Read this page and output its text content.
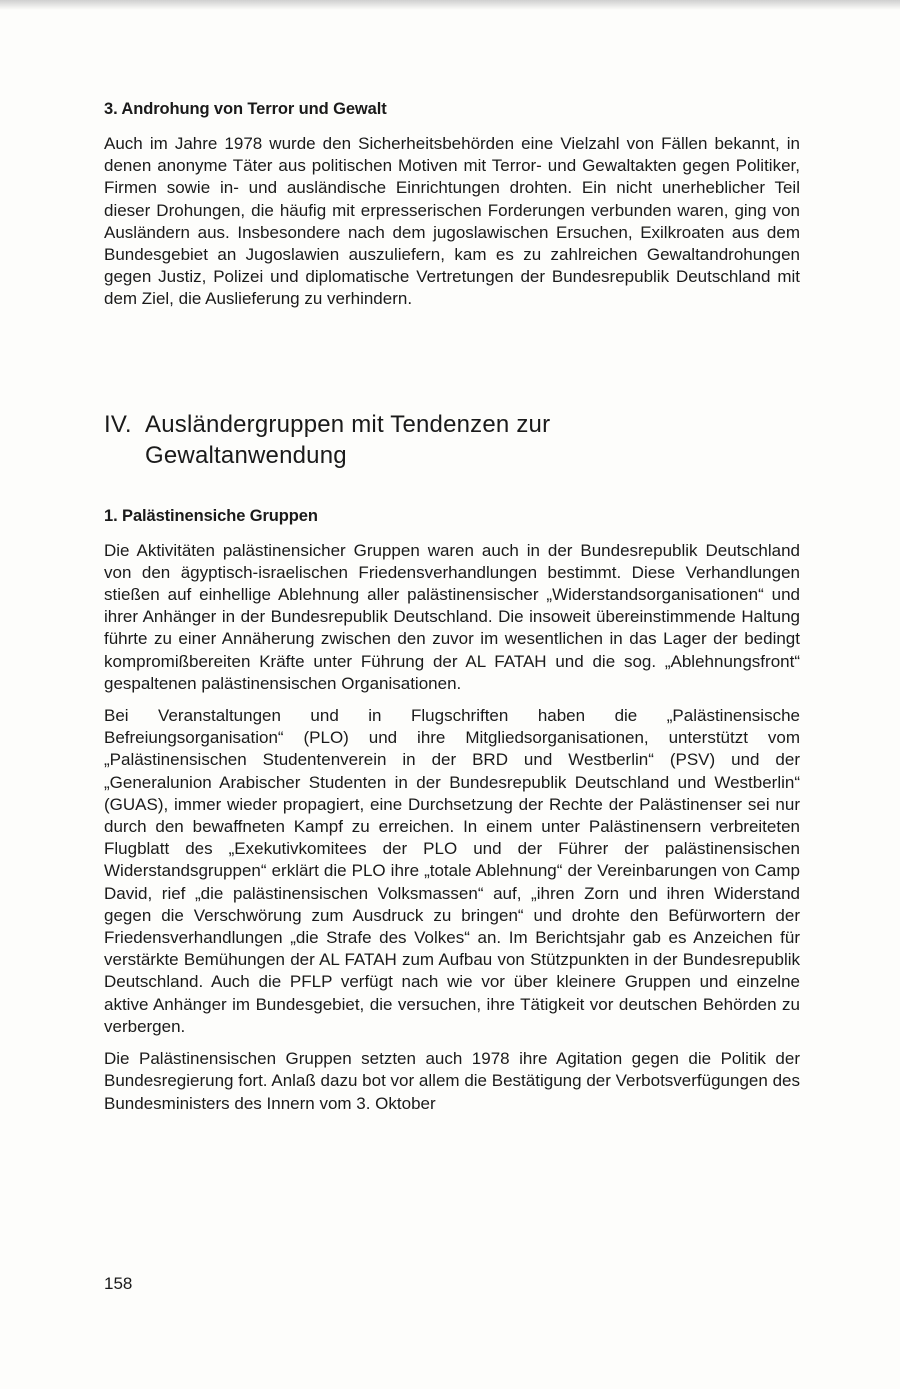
3. Androhung von Terror und Gewalt

Auch im Jahre 1978 wurde den Sicherheitsbehörden eine Vielzahl von Fällen bekannt, in denen anonyme Täter aus politischen Motiven mit Terror- und Gewaltakten gegen Politiker, Firmen sowie in- und ausländische Einrichtungen drohten. Ein nicht unerheblicher Teil dieser Drohungen, die häufig mit erpresserischen Forderungen verbunden waren, ging von Ausländern aus. Insbesondere nach dem jugoslawischen Ersuchen, Exilkroaten aus dem Bundesgebiet an Jugoslawien auszuliefern, kam es zu zahlreichen Gewaltandrohungen gegen Justiz, Polizei und diplomatische Vertretungen der Bundesrepublik Deutschland mit dem Ziel, die Auslieferung zu verhindern.

IV. Ausländergruppen mit Tendenzen zur
Gewaltanwendung
1. Palästinensiche Gruppen

Die Aktivitäten palästinensicher Gruppen waren auch in der Bundesrepublik Deutschland von den ägyptisch-israelischen Friedensverhandlungen bestimmt. Diese Verhandlungen stießen auf einhellige Ablehnung aller palästinensischer „Widerstandsorganisationen“ und ihrer Anhänger in der Bundesrepublik Deutschland. Die insoweit übereinstimmende Haltung führte zu einer Annäherung zwischen den zuvor im wesentlichen in das Lager der bedingt kompromißbereiten Kräfte unter Führung der AL FATAH und die sog. „Ablehnungsfront“ gespaltenen palästinensischen Organisationen.

Bei Veranstaltungen und in Flugschriften haben die „Palästinensische Befreiungsorganisation“ (PLO) und ihre Mitgliedsorganisationen, unterstützt vom „Palästinensischen Studentenverein in der BRD und Westberlin“ (PSV) und der „Generalunion Arabischer Studenten in der Bundesrepublik Deutschland und Westberlin“ (GUAS), immer wieder propagiert, eine Durchsetzung der Rechte der Palästinenser sei nur durch den bewaffneten Kampf zu erreichen. In einem unter Palästinensern verbreiteten Flugblatt des „Exekutivkomitees der PLO und der Führer der palästinensischen Widerstandsgruppen“ erklärt die PLO ihre „totale Ablehnung“ der Vereinbarungen von Camp David, rief „die palästinensischen Volksmassen“ auf, „ihren Zorn und ihren Widerstand gegen die Verschwörung zum Ausdruck zu bringen“ und drohte den Befürwortern der Friedensverhandlungen „die Strafe des Volkes“ an. Im Berichtsjahr gab es Anzeichen für verstärkte Bemühungen der AL FATAH zum Aufbau von Stützpunkten in der Bundesrepublik Deutschland. Auch die PFLP verfügt nach wie vor über kleinere Gruppen und einzelne aktive Anhänger im Bundesgebiet, die versuchen, ihre Tätigkeit vor deutschen Behörden zu verbergen.

Die Palästinensischen Gruppen setzten auch 1978 ihre Agitation gegen die Politik der Bundesregierung fort. Anlaß dazu bot vor allem die Bestätigung der Verbotsverfügungen des Bundesministers des Innern vom 3. Oktober

158
